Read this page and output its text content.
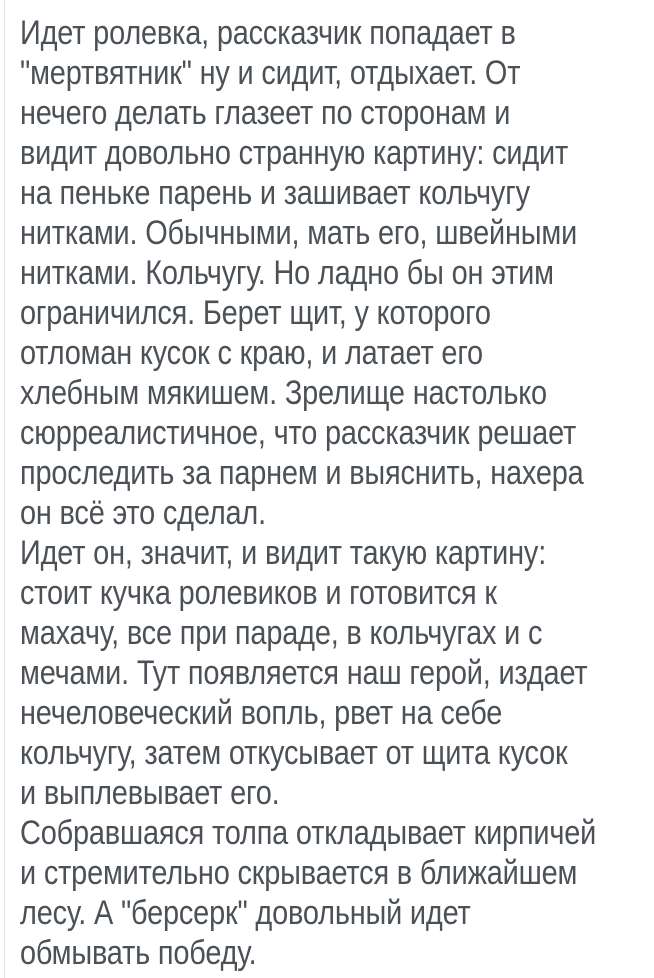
Идет ролевка, рассказчик попадает в
"мертвятник" ну и сидит, отдыхает. От
нечего делать глазеет по сторонам и
видит довольно странную картину: сидит
на пеньке парень и зашивает кольчугу
нитками. Обычными, мать его, швейными
нитками. Кольчугу. Но ладно бы он этим
ограничился. Берет щит, у которого
отломан кусок с краю, и латает его
хлебным мякишем. Зрелище настолько
сюрреалистичное, что рассказчик решает
проследить за парнем и выяснить, нахера
он всё это сделал.

Идет он, значит, и видит такую картину:
стоит кучка ролевиков и готовится к
махачу, все при параде, в кольчугах и с
мечами. Тут появляется наш герой, издает
нечеловеческий вопль, рвет на себе
кольчугу, затем откусывает от щита кусок
и выплевывает его.

Собравшаяся толпа откладывает кирпичей
и стремительно скрывается в ближайшем
лесу. А "берсерк" довольный идет
обмывать победу.
